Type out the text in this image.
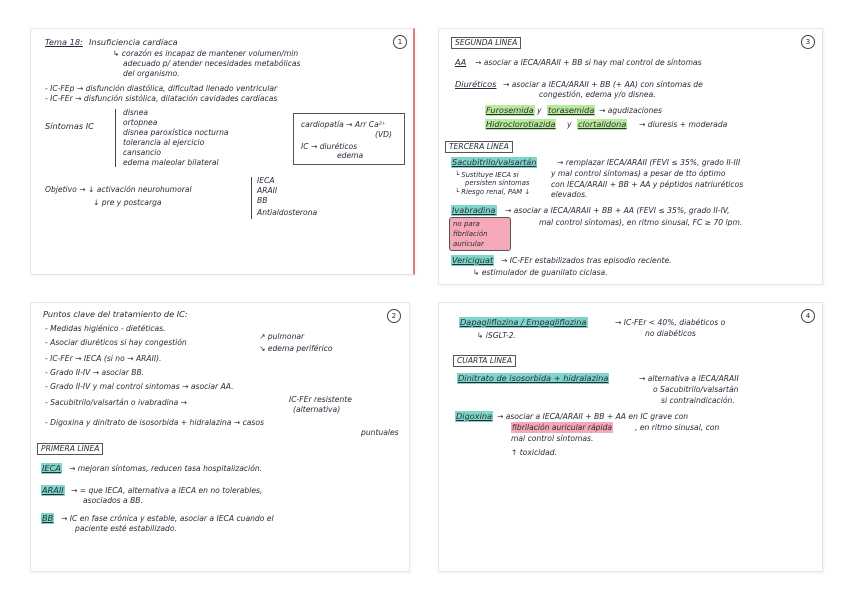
1
Tema 18: Insuficiencia cardíaca
↳ corazón es incapaz de mantener volumen/min
adecuado p/ atender necesidades metabólicas
del organismo.
- IC-FEp → disfunción diastólica, dificultad llenado ventricular
- IC-FEr → disfunción sistólica, dilatación cavidades cardíacas
Síntomas IC
disnea
ortopnea
disnea paroxística nocturna
tolerancia al ejercicio
cansancio
edema maleolar bilateral
cardiopatía → Arr Ca²⁺
(VD)
IC → diuréticos
edema
Objetivo → ↓ activación neurohumoral
↓ pre y postcarga
IECA
ARAII
BB
Antialdosterona
2
Puntos clave del tratamiento de IC:
- Medidas higiénico - dietéticas.
- Asociar diuréticos si hay congestión
↗ pulmonar
↘ edema periférico
- IC-FEr → IECA (si no → ARAII).
- Grado II-IV → asociar BB.
- Grado II-IV y mal control sintomas → asociar AA.
- Sacubitrilo/valsartán o ivabradina →	IC-FEr resistente
(alternativa)
- Digoxina y dinitrato de isosorbida + hidralazina → casos
puntuales
PRIMERA LÍNEA
IECA → mejoran síntomas, reducen tasa hospitalización.
ARAII → = que IECA, alternativa a IECA en no tolerables,
asociados a BB.
BB → IC en fase crónica y estable, asociar a IECA cuando el
paciente esté estabilizado.
3
SEGUNDA LÍNEA
AA → asociar a IECA/ARAII + BB si hay mal control de síntomas
Diuréticos → asociar a IECA/ARAII + BB (+ AA) con síntomas de
congestión, edema y/o disnea.
Furosemida y torasemida → agudizaciones
Hidroclorotiazida y clortalidona → diuresis + moderada
TERCERA LÍNEA
Sacubitrilo/valsartán	→ remplazar IECA/ARAII (FEVI ≤ 35%, grado II-III
y mal control síntomas) a pesar de tto óptimo
└ Sustituye IECA si
persisten síntomas	con IECA/ARAII + BB + AA y péptidos natriuréticos
└ Riesgo renal, PAM ↓	elevados.
Ivabradina → asociar a IECA/ARAII + BB + AA (FEVI ≤ 35%, grado II-IV,
mal control síntomas), en ritmo sinusal, FC ≥ 70 lpm.
no para fibrilación auricular
Vericiguat → IC-FEr estabilizados tras episodio reciente.
↳ estimulador de guanilato ciclasa.
4
Dapagliflozina / Empagliflozina	→ IC-FEr < 40%, diabéticos o
no diabéticos
↳ iSGLT-2.
CUARTA LÍNEA
Dinitrato de isosorbida + hidralazina	→ alternativa a IECA/ARAII
o Sacubitrilo/valsartán
si contraindicación.
Digoxina → asociar a IECA/ARAII + BB + AA en IC grave con
fibrilación auricular rápida	, en ritmo sinusal, con
mal control síntomas.
↑ toxicidad.
